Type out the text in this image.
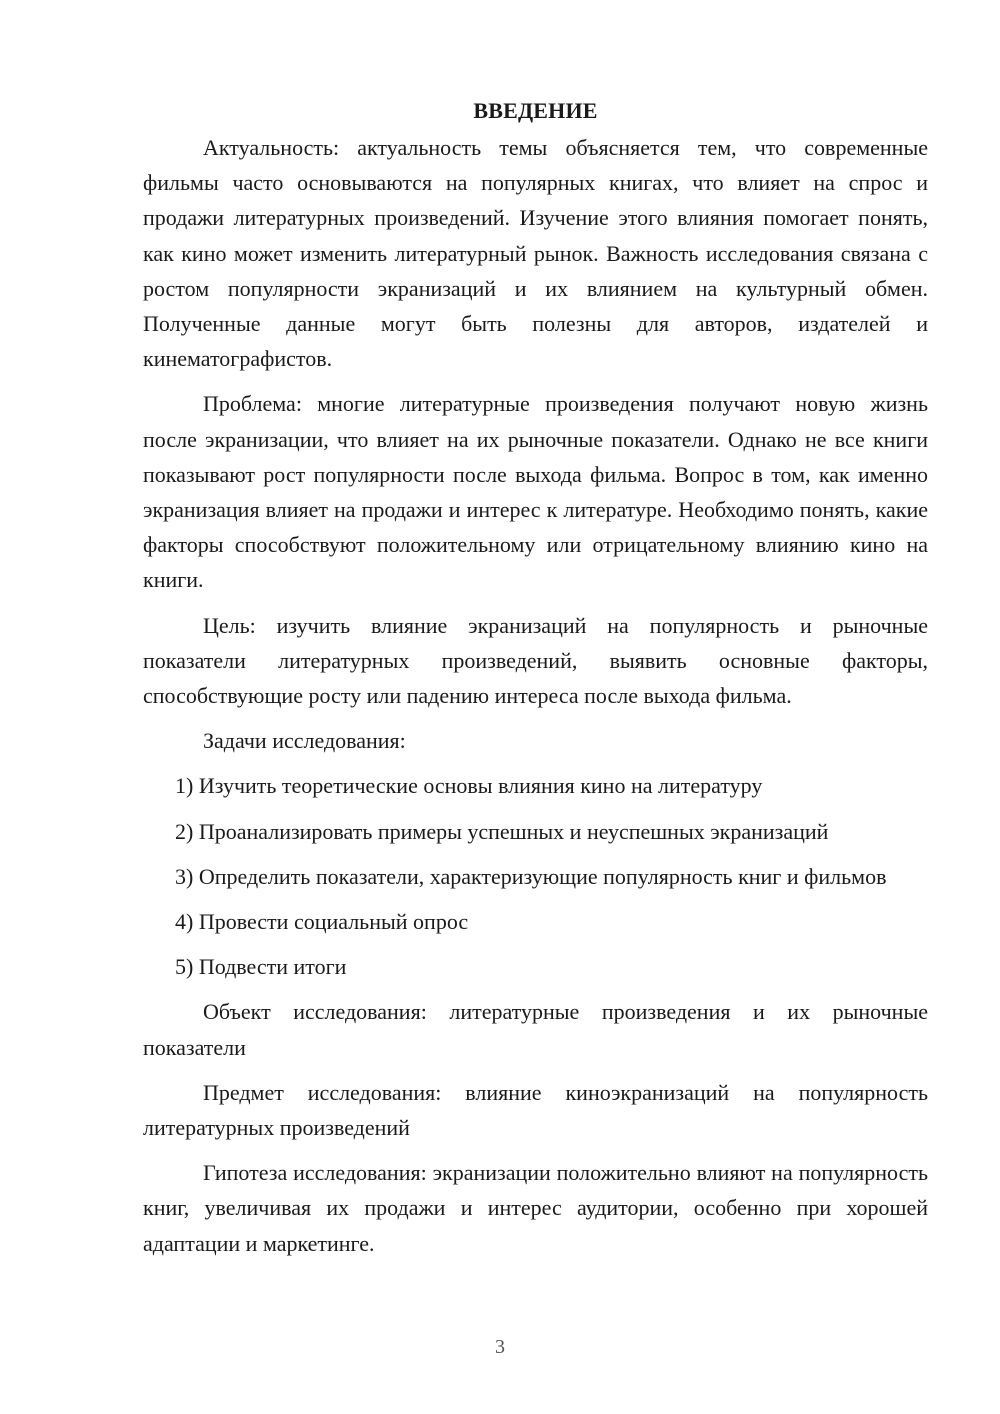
ВВЕДЕНИЕ

Актуальность: актуальность темы объясняется тем, что современные фильмы часто основываются на популярных книгах, что влияет на спрос и продажи литературных произведений. Изучение этого влияния помогает понять, как кино может изменить литературный рынок. Важность исследования связана с ростом популярности экранизаций и их влиянием на культурный обмен. Полученные данные могут быть полезны для авторов, издателей и кинематографистов.

Проблема: многие литературные произведения получают новую жизнь после экранизации, что влияет на их рыночные показатели. Однако не все книги показывают рост популярности после выхода фильма. Вопрос в том, как именно экранизация влияет на продажи и интерес к литературе. Необходимо понять, какие факторы способствуют положительному или отрицательному влиянию кино на книги.

Цель: изучить влияние экранизаций на популярность и рыночные показатели литературных произведений, выявить основные факторы, способствующие росту или падению интереса после выхода фильма.

Задачи исследования:

1) Изучить теоретические основы влияния кино на литературу

2) Проанализировать примеры успешных и неуспешных экранизаций

3) Определить показатели, характеризующие популярность книг и фильмов

4) Провести социальный опрос

5) Подвести итоги

Объект исследования: литературные произведения и их рыночные показатели

Предмет исследования: влияние киноэкранизаций на популярность литературных произведений

Гипотеза исследования: экранизации положительно влияют на популярность книг, увеличивая их продажи и интерес аудитории, особенно при хорошей адаптации и маркетинге.

3
